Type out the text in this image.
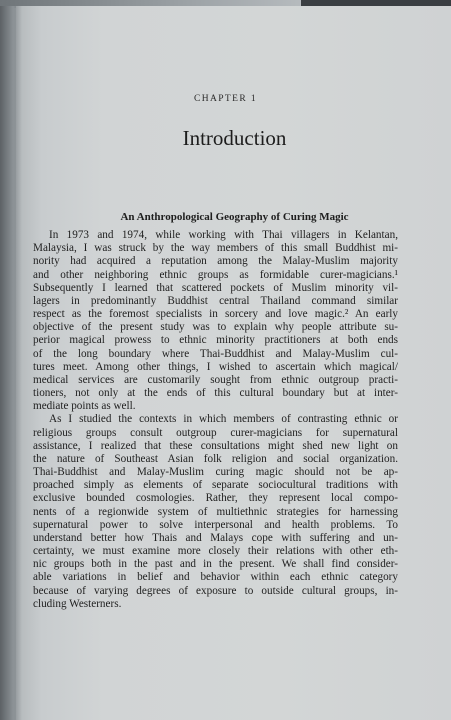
CHAPTER 1
Introduction
An Anthropological Geography of Curing Magic
In 1973 and 1974, while working with Thai villagers in Kelantan,
Malaysia, I was struck by the way members of this small Buddhist mi-
nority had acquired a reputation among the Malay-Muslim majority
and other neighboring ethnic groups as formidable curer-magicians.¹
Subsequently I learned that scattered pockets of Muslim minority vil-
lagers in predominantly Buddhist central Thailand command similar
respect as the foremost specialists in sorcery and love magic.² An early
objective of the present study was to explain why people attribute su-
perior magical prowess to ethnic minority practitioners at both ends
of the long boundary where Thai-Buddhist and Malay-Muslim cul-
tures meet. Among other things, I wished to ascertain which magical/
medical services are customarily sought from ethnic outgroup practi-
tioners, not only at the ends of this cultural boundary but at inter-
mediate points as well.
As I studied the contexts in which members of contrasting ethnic or
religious groups consult outgroup curer-magicians for supernatural
assistance, I realized that these consultations might shed new light on
the nature of Southeast Asian folk religion and social organization.
Thai-Buddhist and Malay-Muslim curing magic should not be ap-
proached simply as elements of separate sociocultural traditions with
exclusive bounded cosmologies. Rather, they represent local compo-
nents of a regionwide system of multiethnic strategies for harnessing
supernatural power to solve interpersonal and health problems. To
understand better how Thais and Malays cope with suffering and un-
certainty, we must examine more closely their relations with other eth-
nic groups both in the past and in the present. We shall find consider-
able variations in belief and behavior within each ethnic category
because of varying degrees of exposure to outside cultural groups, in-
cluding Westerners.
